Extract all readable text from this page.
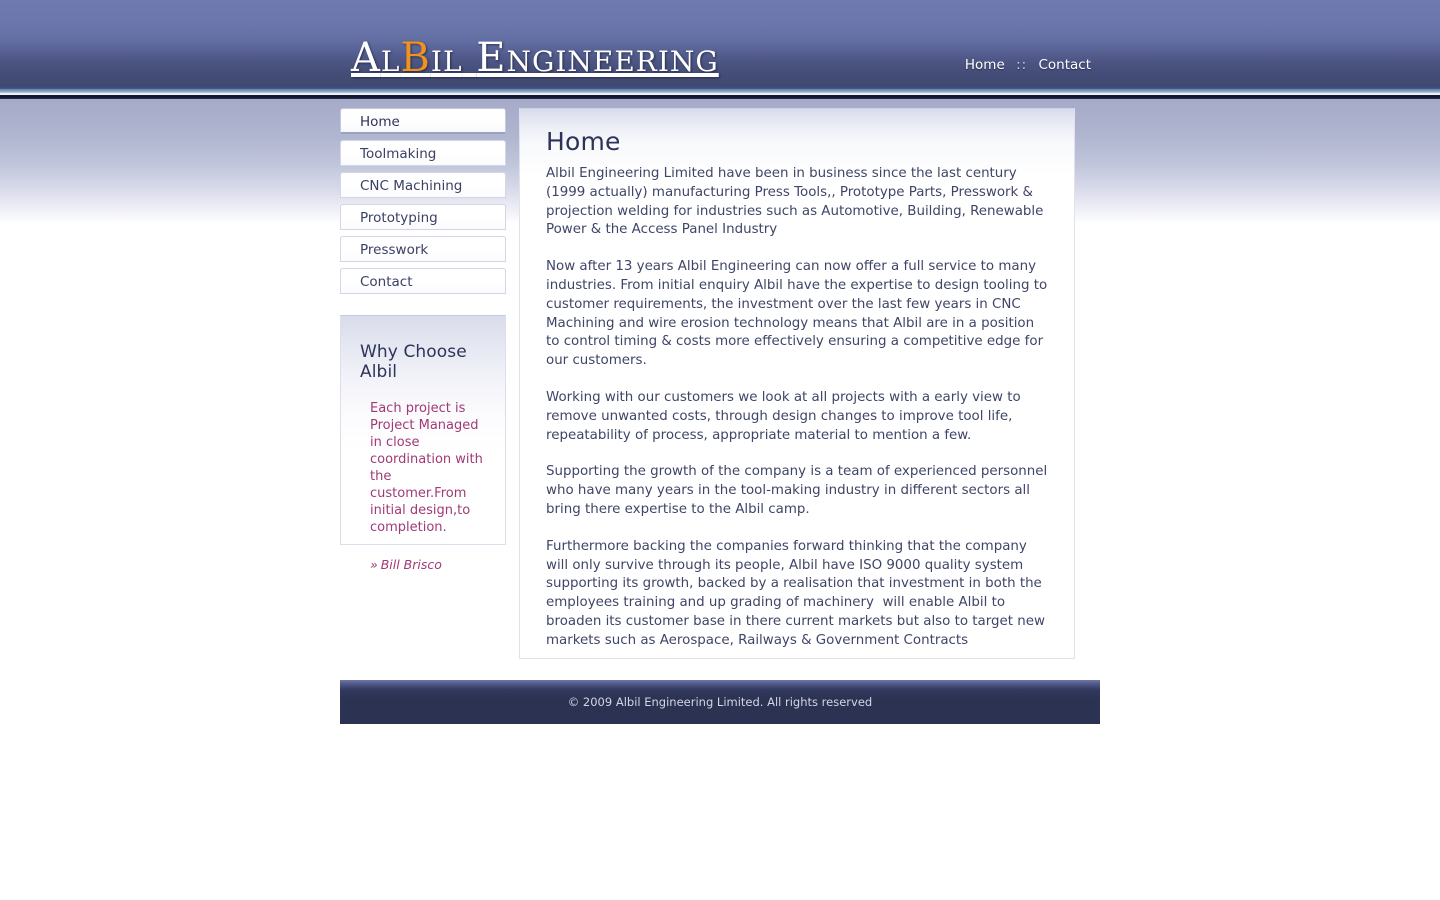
AlBil Engineering	Home :: Contact
Home
Toolmaking
CNC Machining
Prototyping
Presswork
Contact
Why Choose Albil

Each project is Project Managed in close coordination with the customer.From initial design,to completion.

» Bill Brisco

Home

Albil Engineering Limited have been in business since the last century (1999 actually) manufacturing Press Tools,, Prototype Parts, Presswork & projection welding for industries such as Automotive, Building, Renewable Power & the Access Panel Industry

Now after 13 years Albil Engineering can now offer a full service to many industries. From initial enquiry Albil have the expertise to design tooling to customer requirements, the investment over the last few years in CNC Machining and wire erosion technology means that Albil are in a position to control timing & costs more effectively ensuring a competitive edge for our customers.

Working with our customers we look at all projects with a early view to remove unwanted costs, through design changes to improve tool life, repeatability of process, appropriate material to mention a few.

Supporting the growth of the company is a team of experienced personnel who have many years in the tool-making industry in different sectors all bring there expertise to the Albil camp.

Furthermore backing the companies forward thinking that the company will only survive through its people, Albil have ISO 9000 quality system supporting its growth, backed by a realisation that investment in both the employees training and up grading of machinery  will enable Albil to broaden its customer base in there current markets but also to target new markets such as Aerospace, Railways & Government Contracts

© 2009 Albil Engineering Limited. All rights reserved
